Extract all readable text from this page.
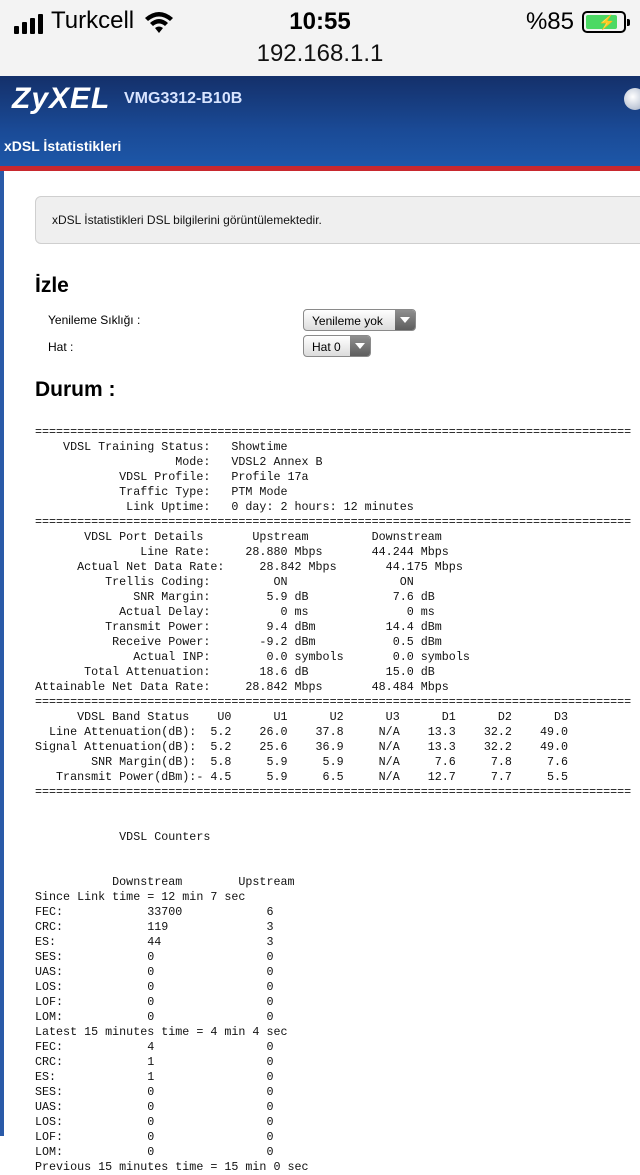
Turkcell	10:55
192.168.1.1
%85 ⚡
ZyXEL VMG3312-B10B
xDSL İstatistikleri
xDSL İstatistikleri DSL bilgilerini görüntülemektedir.
İzle
Yenileme Sıklığı :	Yenileme yok
Hat :	Hat 0
Durum :
=====================================================================================
VDSL Training Status:   Showtime
Mode:   VDSL2 Annex B
VDSL Profile:   Profile 17a
Traffic Type:   PTM Mode
Link Uptime:   0 day: 2 hours: 12 minutes
=====================================================================================
VDSL Port Details       Upstream         Downstream
Line Rate:     28.880 Mbps       44.244 Mbps
Actual Net Data Rate:     28.842 Mbps       44.175 Mbps
Trellis Coding:         ON                ON
SNR Margin:        5.9 dB            7.6 dB
Actual Delay:          0 ms              0 ms
Transmit Power:        9.4 dBm          14.4 dBm
Receive Power:       -9.2 dBm           0.5 dBm
Actual INP:        0.0 symbols       0.0 symbols
Total Attenuation:       18.6 dB           15.0 dB
Attainable Net Data Rate:     28.842 Mbps       48.484 Mbps
=====================================================================================
VDSL Band Status    U0      U1      U2      U3      D1      D2      D3
Line Attenuation(dB):  5.2    26.0    37.8     N/A    13.3    32.2    49.0
Signal Attenuation(dB):  5.2    25.6    36.9     N/A    13.3    32.2    49.0
SNR Margin(dB):  5.8     5.9     5.9     N/A     7.6     7.8     7.6
Transmit Power(dBm):- 4.5     5.9     6.5     N/A    12.7     7.7     5.5
=====================================================================================

VDSL Counters

Downstream        Upstream
Since Link time = 12 min 7 sec
FEC:            33700            6
CRC:            119              3
ES:             44               3
SES:            0                0
UAS:            0                0
LOS:            0                0
LOF:            0                0
LOM:            0                0
Latest 15 minutes time = 4 min 4 sec
FEC:            4                0
CRC:            1                0
ES:             1                0
SES:            0                0
UAS:            0                0
LOS:            0                0
LOF:            0                0
LOM:            0                0
Previous 15 minutes time = 15 min 0 sec
